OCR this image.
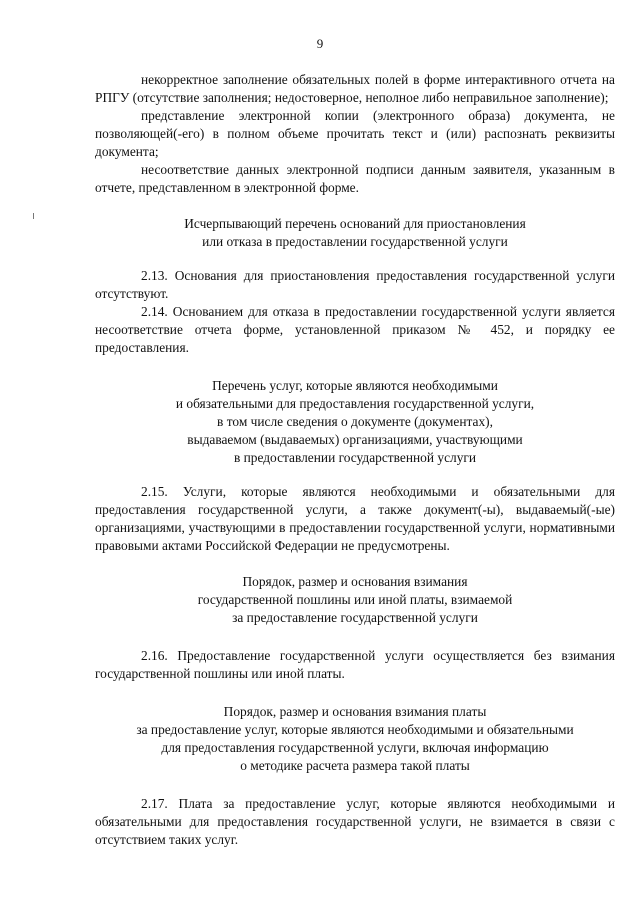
9

некорректное заполнение обязательных полей в форме интерактивного отчета на РПГУ (отсутствие заполнения; недостоверное, неполное либо неправильное заполнение);

представление электронной копии (электронного образа) документа, не позволяющей(-его) в полном объеме прочитать текст и (или) распознать реквизиты документа;

несоответствие данных электронной подписи данным заявителя, указанным в отчете, представленном в электронной форме.

Исчерпывающий перечень оснований для приостановления
или отказа в предоставлении государственной услуги

2.13. Основания для приостановления предоставления государственной услуги отсутствуют.

2.14. Основанием для отказа в предоставлении государственной услуги является несоответствие отчета форме, установленной приказом № 452, и порядку ее предоставления.

Перечень услуг, которые являются необходимыми
и обязательными для предоставления государственной услуги,
в том числе сведения о документе (документах),
выдаваемом (выдаваемых) организациями, участвующими
в предоставлении государственной услуги

2.15. Услуги, которые являются необходимыми и обязательными для предоставления государственной услуги, а также документ(-ы), выдаваемый(-ые) организациями, участвующими в предоставлении государственной услуги, нормативными правовыми актами Российской Федерации не предусмотрены.

Порядок, размер и основания взимания
государственной пошлины или иной платы, взимаемой
за предоставление государственной услуги

2.16. Предоставление государственной услуги осуществляется без взимания государственной пошлины или иной платы.

Порядок, размер и основания взимания платы
за предоставление услуг, которые являются необходимыми и обязательными
для предоставления государственной услуги, включая информацию
о методике расчета размера такой платы

2.17. Плата за предоставление услуг, которые являются необходимыми и обязательными для предоставления государственной услуги, не взимается в связи с отсутствием таких услуг.
